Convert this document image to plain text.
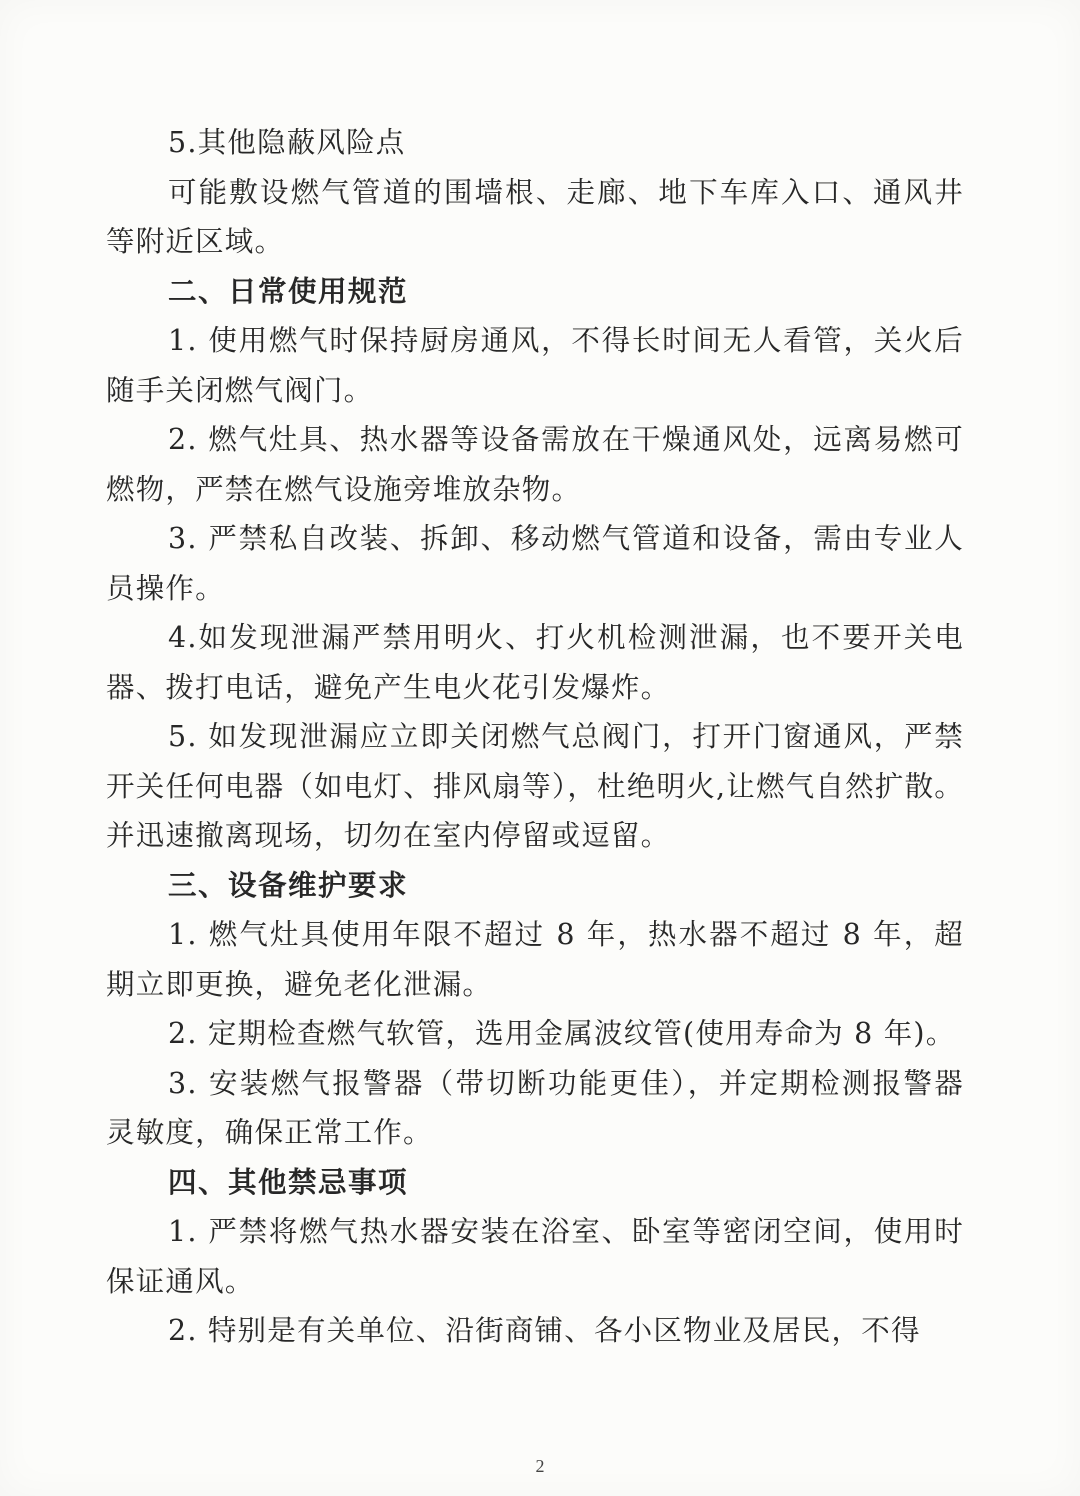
5.其他隐蔽风险点

可能敷设燃气管道的围墙根、走廊、地下车库入口、通风井等附近区域。

二、日常使用规范

1. 使用燃气时保持厨房通风，不得长时间无人看管，关火后随手关闭燃气阀门。

2. 燃气灶具、热水器等设备需放在干燥通风处，远离易燃可燃物，严禁在燃气设施旁堆放杂物。

3. 严禁私自改装、拆卸、移动燃气管道和设备，需由专业人员操作。

4.如发现泄漏严禁用明火、打火机检测泄漏，也不要开关电器、拨打电话，避免产生电火花引发爆炸。

5. 如发现泄漏应立即关闭燃气总阀门，打开门窗通风，严禁开关任何电器（如电灯、排风扇等），杜绝明火,让燃气自然扩散。并迅速撤离现场，切勿在室内停留或逗留。

三、设备维护要求

1. 燃气灶具使用年限不超过 8 年，热水器不超过 8 年，超期立即更换，避免老化泄漏。

2. 定期检查燃气软管，选用金属波纹管(使用寿命为 8 年)。

3. 安装燃气报警器（带切断功能更佳），并定期检测报警器灵敏度，确保正常工作。

四、其他禁忌事项

1. 严禁将燃气热水器安装在浴室、卧室等密闭空间，使用时保证通风。

2. 特别是有关单位、沿街商铺、各小区物业及居民，不得

2
